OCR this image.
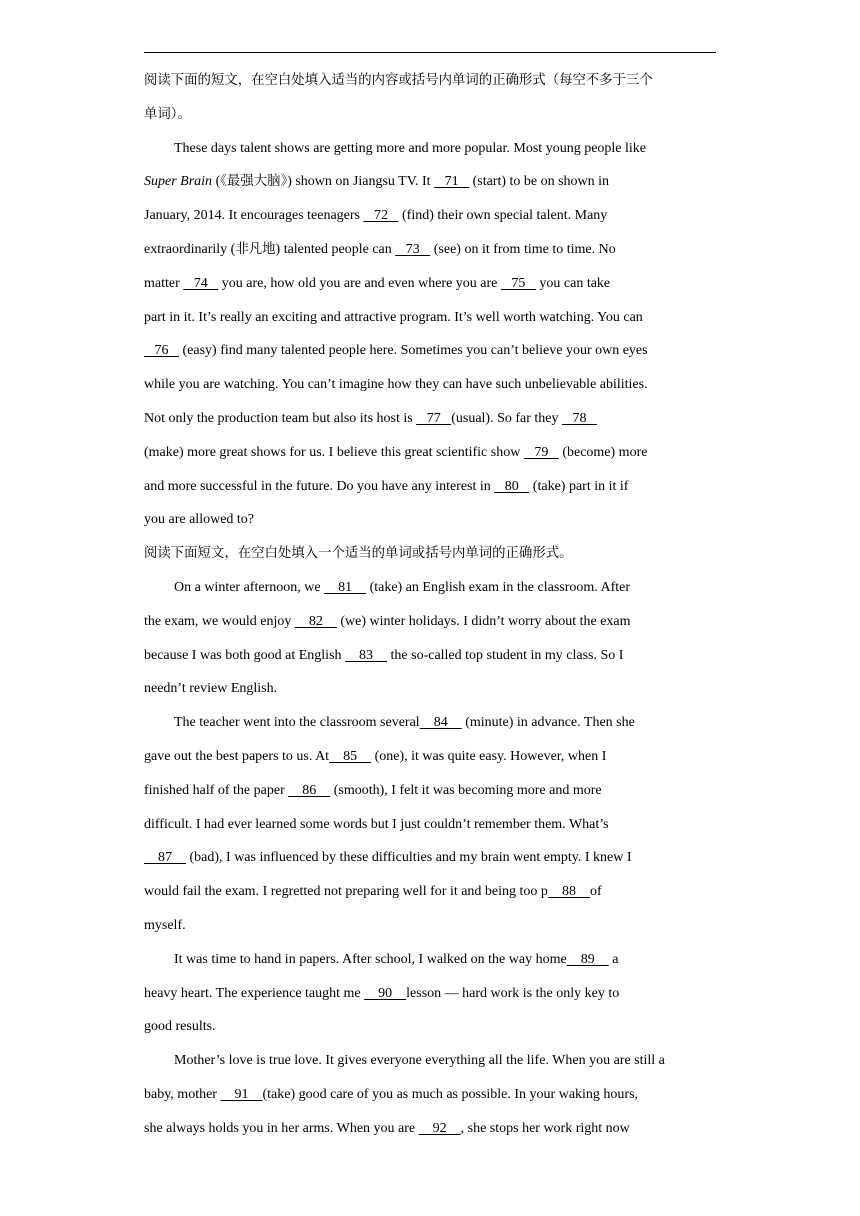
阅读下面的短文，在空白处填入适当的内容或括号内单词的正确形式（每空不多于三个
单词）。
These days talent shows are getting more and more popular. Most young people like
Super Brain (《最强大脑》) shown on Jiangsu TV. It    71    (start) to be on shown in
January, 2014. It encourages teenagers    72    (find) their own special talent. Many
extraordinarily (非凡地) talented people can    73    (see) on it from time to time. No
matter    74    you are, how old you are and even where you are    75    you can take
part in it. It’s really an exciting and attractive program. It’s well worth watching. You can
76    (easy) find many talented people here. Sometimes you can’t believe your own eyes
while you are watching. You can’t imagine how they can have such unbelievable abilities.
Not only the production team but also its host is    77   (usual). So far they    78
(make) more great shows for us. I believe this great scientific show    79    (become) more
and more successful in the future. Do you have any interest in    80    (take) part in it if
you are allowed to?
阅读下面短文，在空白处填入一个适当的单词或括号内单词的正确形式。
On a winter afternoon, we     81     (take) an English exam in the classroom. After
the exam, we would enjoy     82     (we) winter holidays. I didn’t worry about the exam
because I was both good at English     83     the so-called top student in my class. So I
needn’t review English.
The teacher went into the classroom several    84     (minute) in advance. Then she
gave out the best papers to us. At    85     (one), it was quite easy. However, when I
finished half of the paper     86     (smooth), I felt it was becoming more and more
difficult. I had ever learned some words but I just couldn’t remember them. What’s
87     (bad), I was influenced by these difficulties and my brain went empty. I knew I
would fail the exam. I regretted not preparing well for it and being too p    88    of
myself.
It was time to hand in papers. After school, I walked on the way home    89     a
heavy heart. The experience taught me     90    lesson — hard work is the only key to
good results.
Mother’s love is true love. It gives everyone everything all the life. When you are still a
baby, mother     91    (take) good care of you as much as possible. In your waking hours,
she always holds you in her arms. When you are     92    , she stops her work right now
